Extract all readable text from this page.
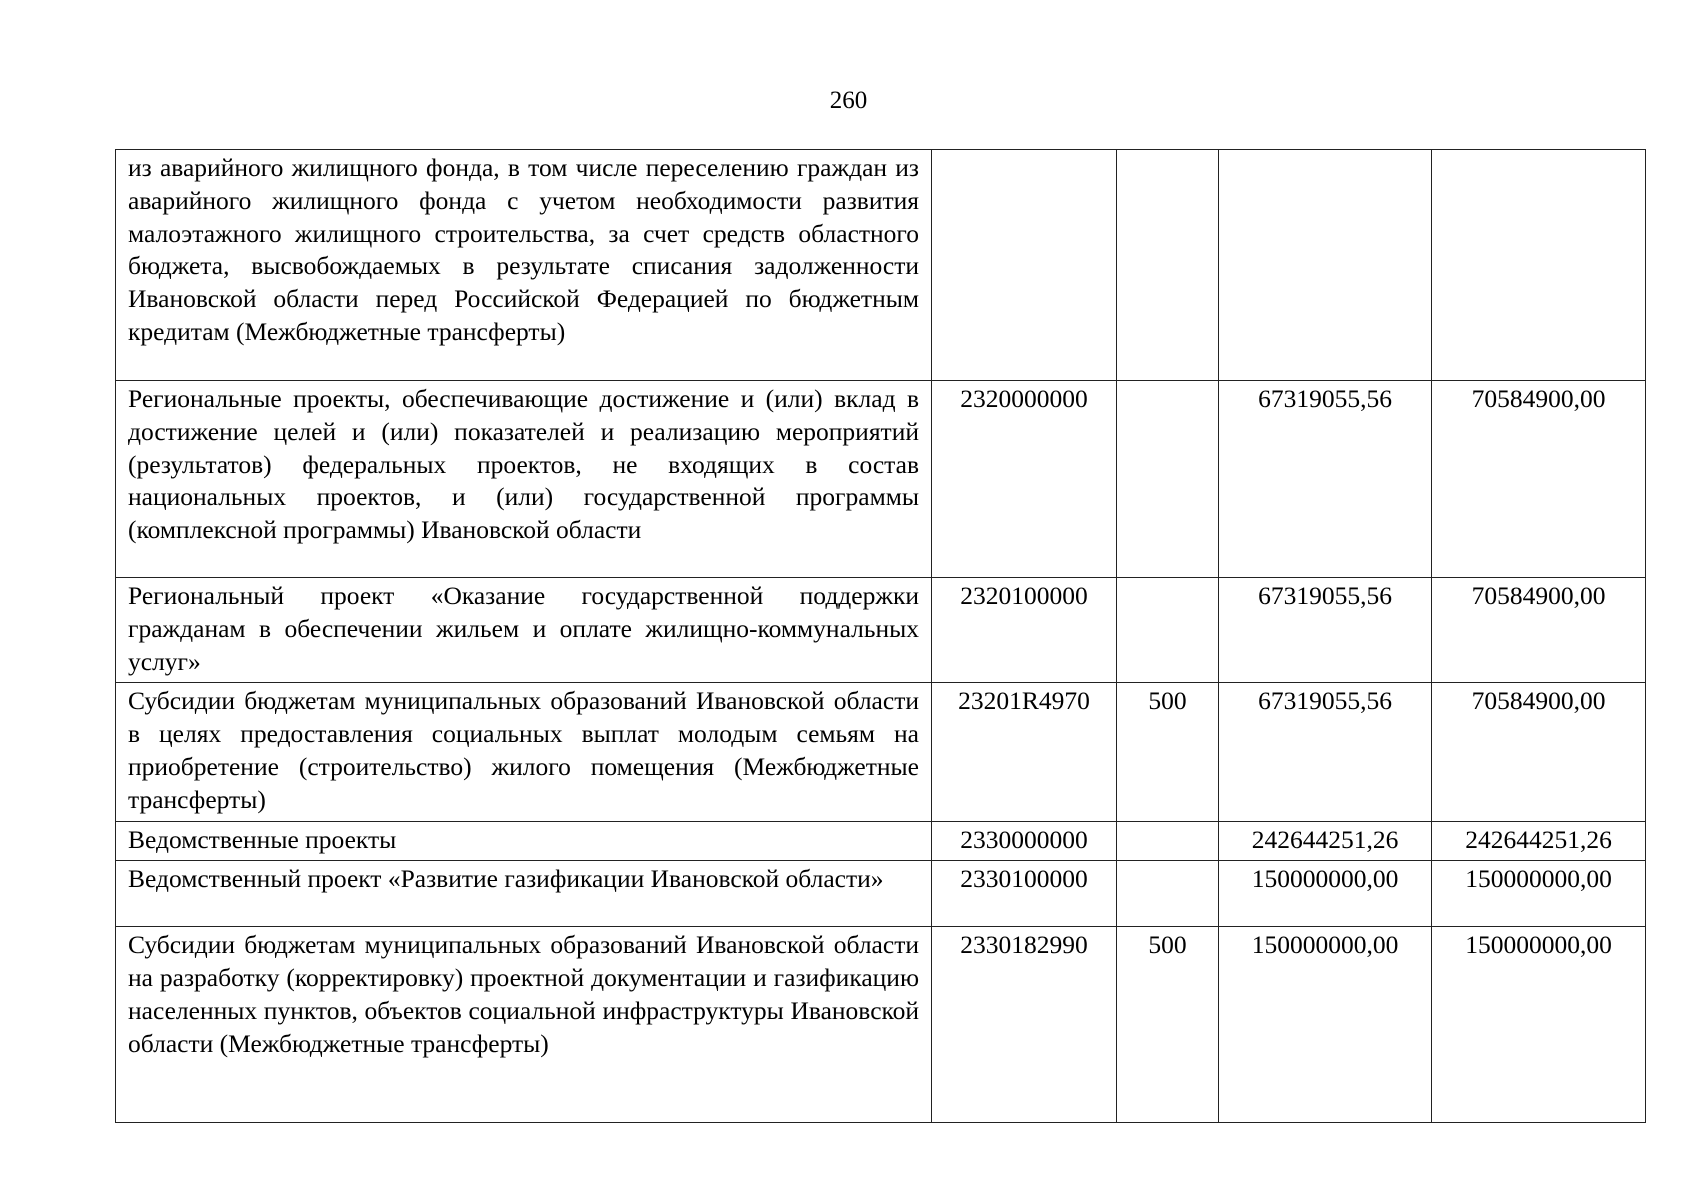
260
из аварийного жилищного фонда, в том числе переселению граждан из аварийного жилищного фонда с учетом необходимости развития малоэтажного жилищного строительства, за счет средств областного бюджета, высвобождаемых в результате списания задолженности Ивановской области перед Российской Федерацией по бюджетным кредитам (Межбюджетные трансферты)				
Региональные проекты, обеспечивающие достижение и (или) вклад в достижение целей и (или) показателей и реализацию мероприятий (результатов) федеральных проектов, не входящих в состав национальных проектов, и (или) государственной программы (комплексной программы) Ивановской области	2320000000		67319055,56	70584900,00
Региональный проект «Оказание государственной поддержки гражданам в обеспечении жильем и оплате жилищно-коммунальных услуг»	2320100000		67319055,56	70584900,00
Субсидии бюджетам муниципальных образований Ивановской области в целях предоставления социальных выплат молодым семьям на приобретение (строительство) жилого помещения (Межбюджетные трансферты)	23201R4970	500	67319055,56	70584900,00
Ведомственные проекты	2330000000		242644251,26	242644251,26
Ведомственный проект «Развитие газификации Ивановской области»	2330100000		150000000,00	150000000,00
Субсидии бюджетам муниципальных образований Ивановской области на разработку (корректировку) проектной документации и газификацию населенных пунктов, объектов социальной инфраструктуры Ивановской области (Межбюджетные трансферты)	2330182990	500	150000000,00	150000000,00
